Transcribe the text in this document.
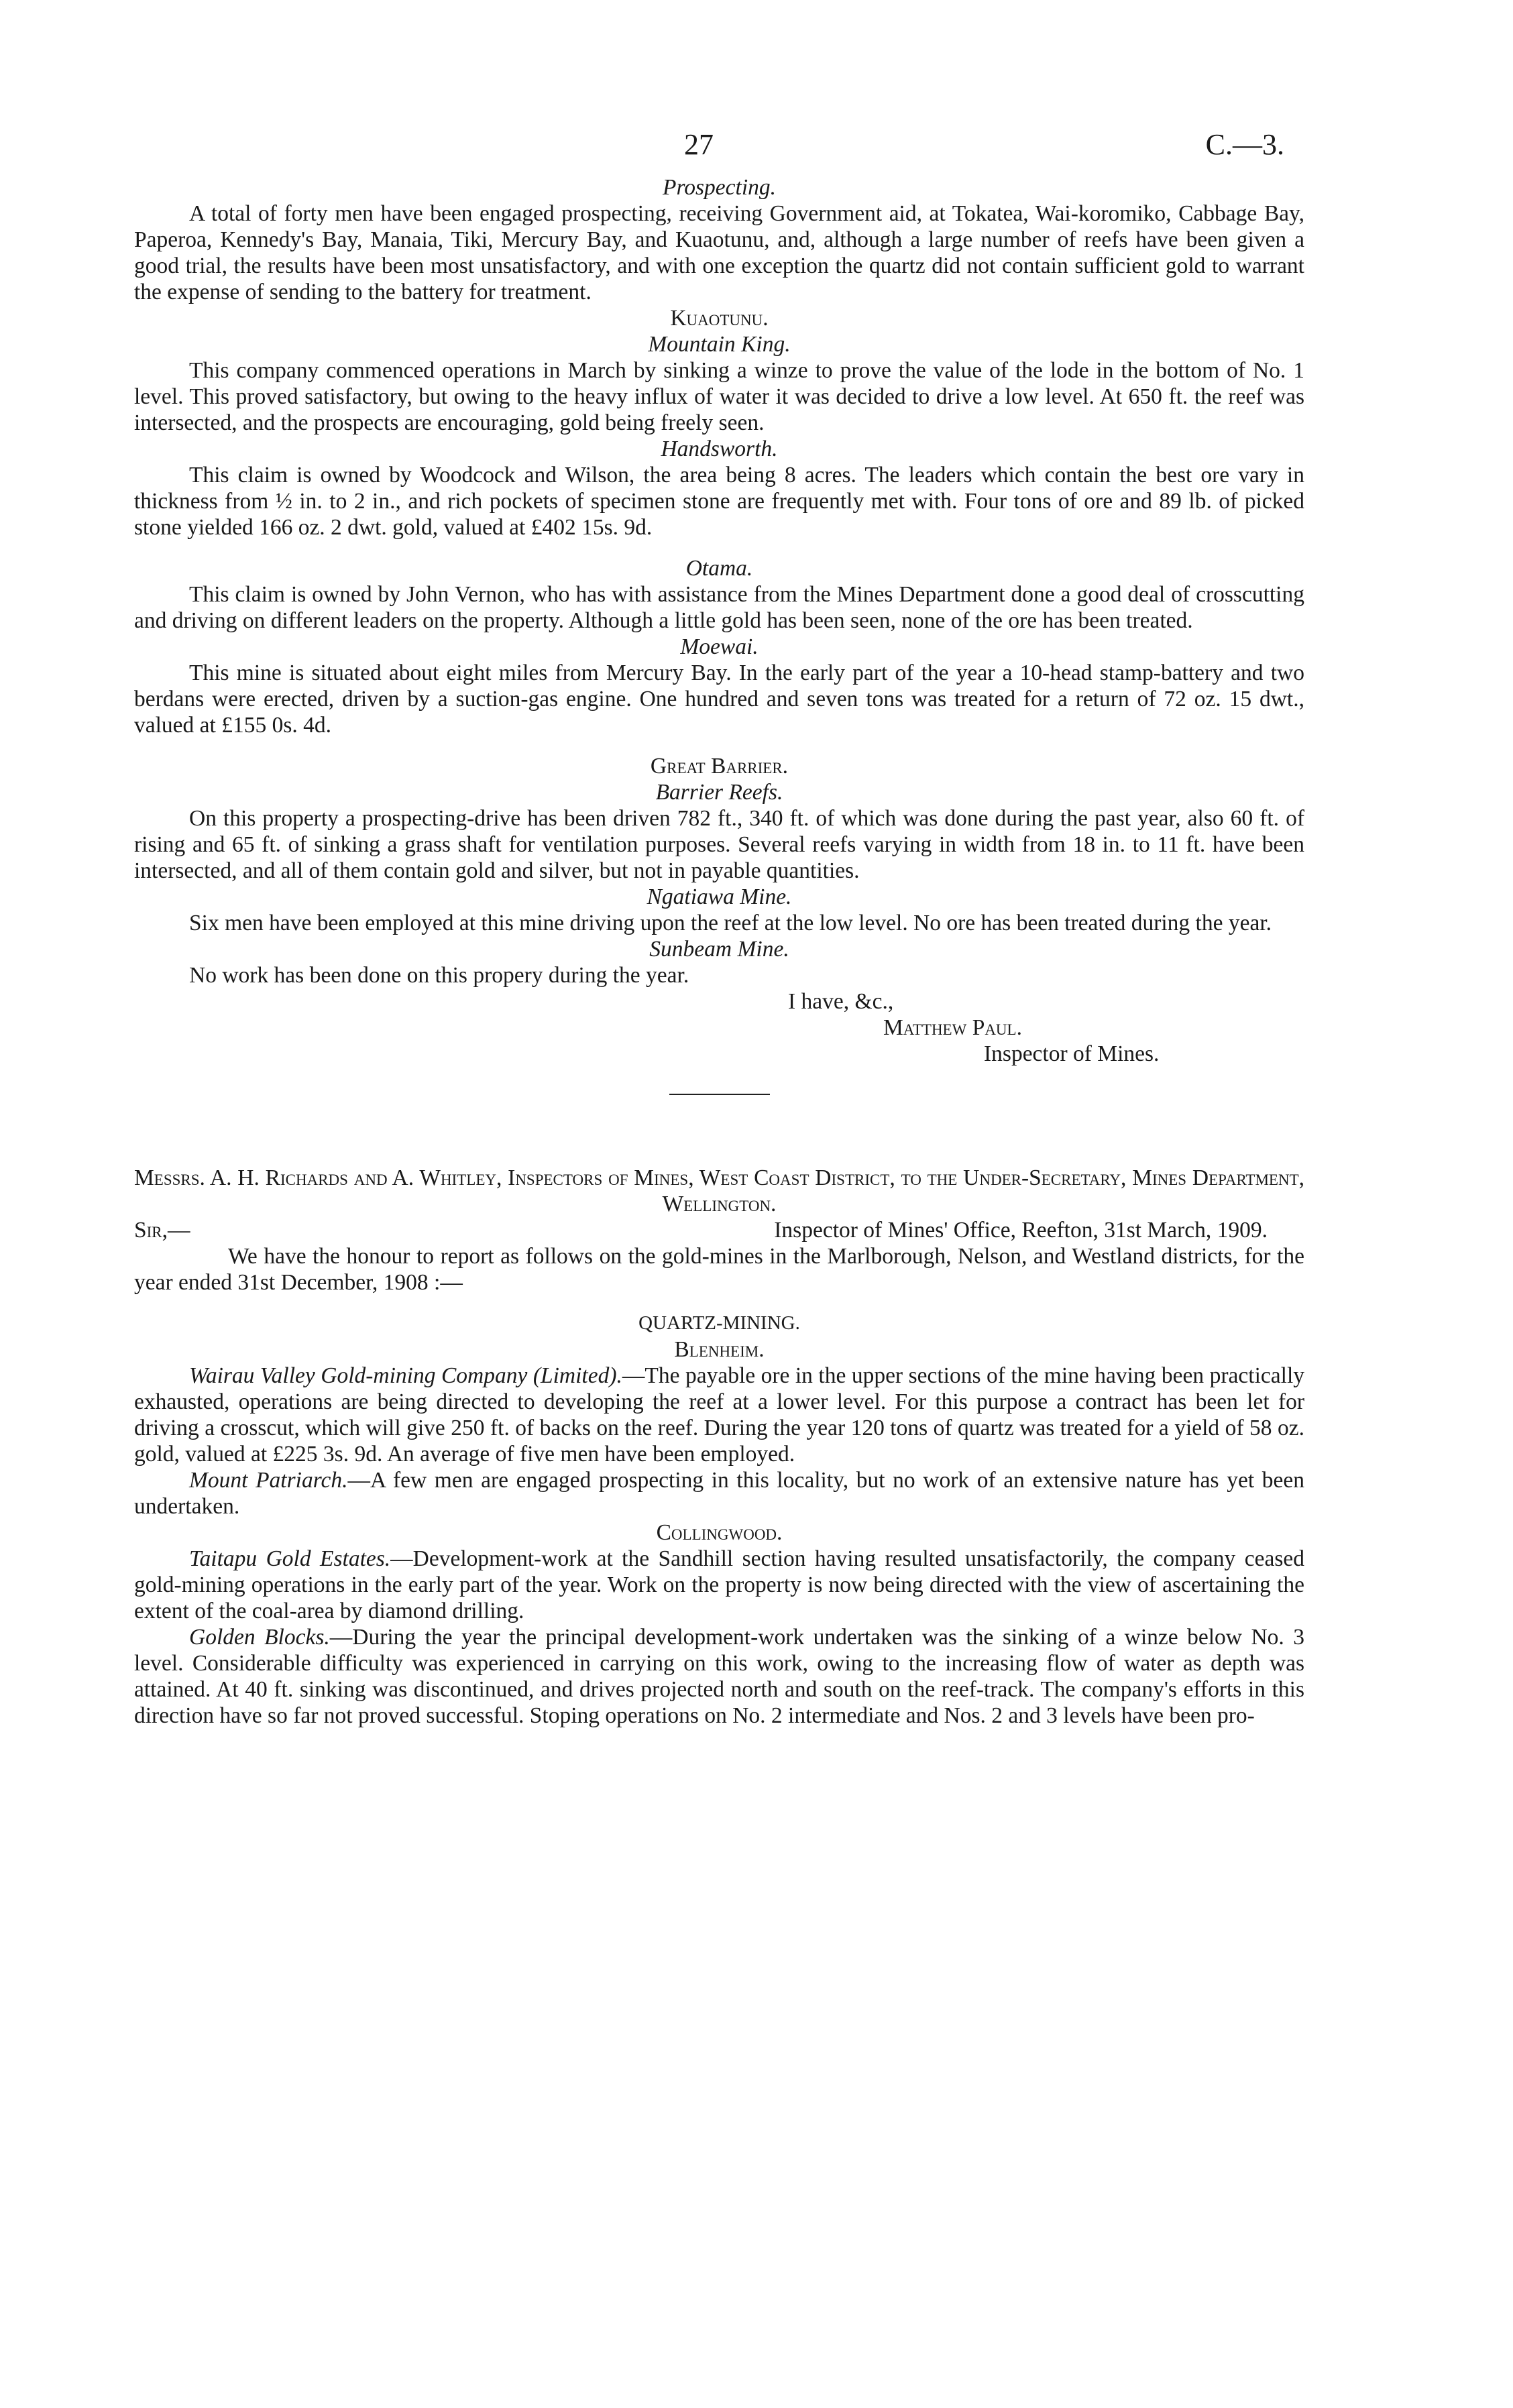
27	C.—3.
Prospecting.

A total of forty men have been engaged prospecting, receiving Government aid, at Tokatea, Wai-koromiko, Cabbage Bay, Paperoa, Kennedy's Bay, Manaia, Tiki, Mercury Bay, and Kuaotunu, and, although a large number of reefs have been given a good trial, the results have been most unsatisfactory, and with one exception the quartz did not contain sufficient gold to warrant the expense of sending to the battery for treatment.

Kuaotunu.
Mountain King.

This company commenced operations in March by sinking a winze to prove the value of the lode in the bottom of No. 1 level. This proved satisfactory, but owing to the heavy influx of water it was decided to drive a low level. At 650 ft. the reef was intersected, and the prospects are encouraging, gold being freely seen.

Handsworth.

This claim is owned by Woodcock and Wilson, the area being 8 acres. The leaders which contain the best ore vary in thickness from ½ in. to 2 in., and rich pockets of specimen stone are frequently met with. Four tons of ore and 89 lb. of picked stone yielded 166 oz. 2 dwt. gold, valued at £402 15s. 9d.

Otama.

This claim is owned by John Vernon, who has with assistance from the Mines Department done a good deal of crosscutting and driving on different leaders on the property. Although a little gold has been seen, none of the ore has been treated.

Moewai.

This mine is situated about eight miles from Mercury Bay. In the early part of the year a 10-head stamp-battery and two berdans were erected, driven by a suction-gas engine. One hundred and seven tons was treated for a return of 72 oz. 15 dwt., valued at £155 0s. 4d.

Great Barrier.
Barrier Reefs.

On this property a prospecting-drive has been driven 782 ft., 340 ft. of which was done during the past year, also 60 ft. of rising and 65 ft. of sinking a grass shaft for ventilation purposes. Several reefs varying in width from 18 in. to 11 ft. have been intersected, and all of them contain gold and silver, but not in payable quantities.

Ngatiawa Mine.

Six men have been employed at this mine driving upon the reef at the low level. No ore has been treated during the year.

Sunbeam Mine.

No work has been done on this propery during the year.

I have, &c.,
Matthew Paul.
Inspector of Mines.
Messrs. A. H. Richards and A. Whitley, Inspectors of Mines, West Coast District, to the Under-Secretary, Mines Department, Wellington.
Sir,—	Inspector of Mines' Office, Reefton, 31st March, 1909.

We have the honour to report as follows on the gold-mines in the Marlborough, Nelson, and Westland districts, for the year ended 31st December, 1908 :—

QUARTZ-MINING.
Blenheim.

Wairau Valley Gold-mining Company (Limited).—The payable ore in the upper sections of the mine having been practically exhausted, operations are being directed to developing the reef at a lower level. For this purpose a contract has been let for driving a crosscut, which will give 250 ft. of backs on the reef. During the year 120 tons of quartz was treated for a yield of 58 oz. gold, valued at £225 3s. 9d. An average of five men have been employed.

Mount Patriarch.—A few men are engaged prospecting in this locality, but no work of an extensive nature has yet been undertaken.

Collingwood.

Taitapu Gold Estates.—Development-work at the Sandhill section having resulted unsatisfactorily, the company ceased gold-mining operations in the early part of the year. Work on the property is now being directed with the view of ascertaining the extent of the coal-area by diamond drilling.

Golden Blocks.—During the year the principal development-work undertaken was the sinking of a winze below No. 3 level. Considerable difficulty was experienced in carrying on this work, owing to the increasing flow of water as depth was attained. At 40 ft. sinking was discontinued, and drives projected north and south on the reef-track. The company's efforts in this direction have so far not proved successful. Stoping operations on No. 2 intermediate and Nos. 2 and 3 levels have been pro-
